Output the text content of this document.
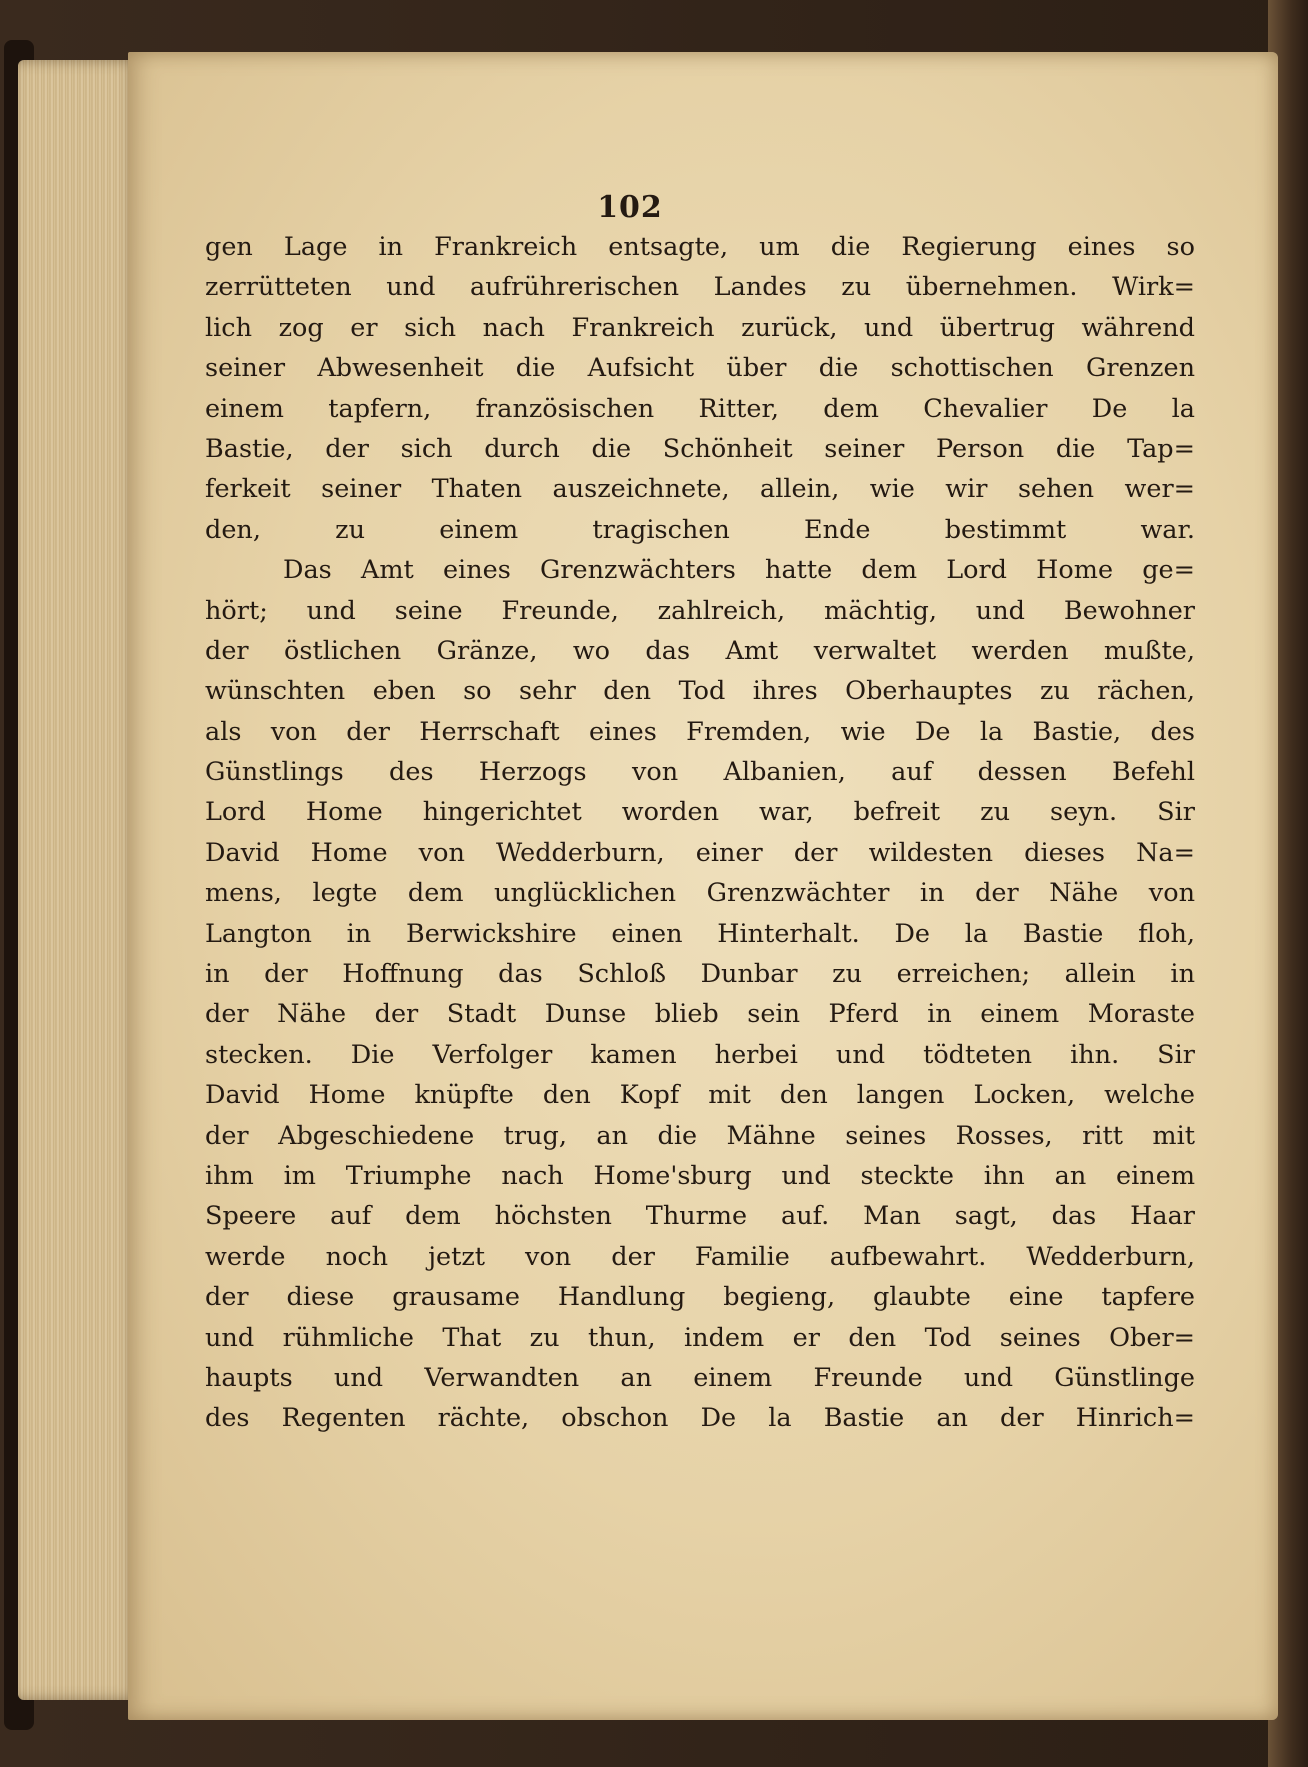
102
gen Lage in Frankreich entsagte, um die Regierung eines so
zerrütteten und aufrührerischen Landes zu übernehmen. Wirk=
lich zog er sich nach Frankreich zurück, und übertrug während
seiner Abwesenheit die Aufsicht über die schottischen Grenzen
einem tapfern, französischen Ritter, dem Chevalier De la
Bastie, der sich durch die Schönheit seiner Person die Tap=
ferkeit seiner Thaten auszeichnete, allein, wie wir sehen wer=
den, zu einem tragischen Ende bestimmt war.
Das Amt eines Grenzwächters hatte dem Lord Home ge=
hört; und seine Freunde, zahlreich, mächtig, und Bewohner
der östlichen Gränze, wo das Amt verwaltet werden mußte,
wünschten eben so sehr den Tod ihres Oberhauptes zu rächen,
als von der Herrschaft eines Fremden, wie De la Bastie, des
Günstlings des Herzogs von Albanien, auf dessen Befehl
Lord Home hingerichtet worden war, befreit zu seyn. Sir
David Home von Wedderburn, einer der wildesten dieses Na=
mens, legte dem unglücklichen Grenzwächter in der Nähe von
Langton in Berwickshire einen Hinterhalt. De la Bastie floh,
in der Hoffnung das Schloß Dunbar zu erreichen; allein in
der Nähe der Stadt Dunse blieb sein Pferd in einem Moraste
stecken. Die Verfolger kamen herbei und tödteten ihn. Sir
David Home knüpfte den Kopf mit den langen Locken, welche
der Abgeschiedene trug, an die Mähne seines Rosses, ritt mit
ihm im Triumphe nach Home'sburg und steckte ihn an einem
Speere auf dem höchsten Thurme auf. Man sagt, das Haar
werde noch jetzt von der Familie aufbewahrt. Wedderburn,
der diese grausame Handlung begieng, glaubte eine tapfere
und rühmliche That zu thun, indem er den Tod seines Ober=
haupts und Verwandten an einem Freunde und Günstlinge
des Regenten rächte, obschon De la Bastie an der Hinrich=
